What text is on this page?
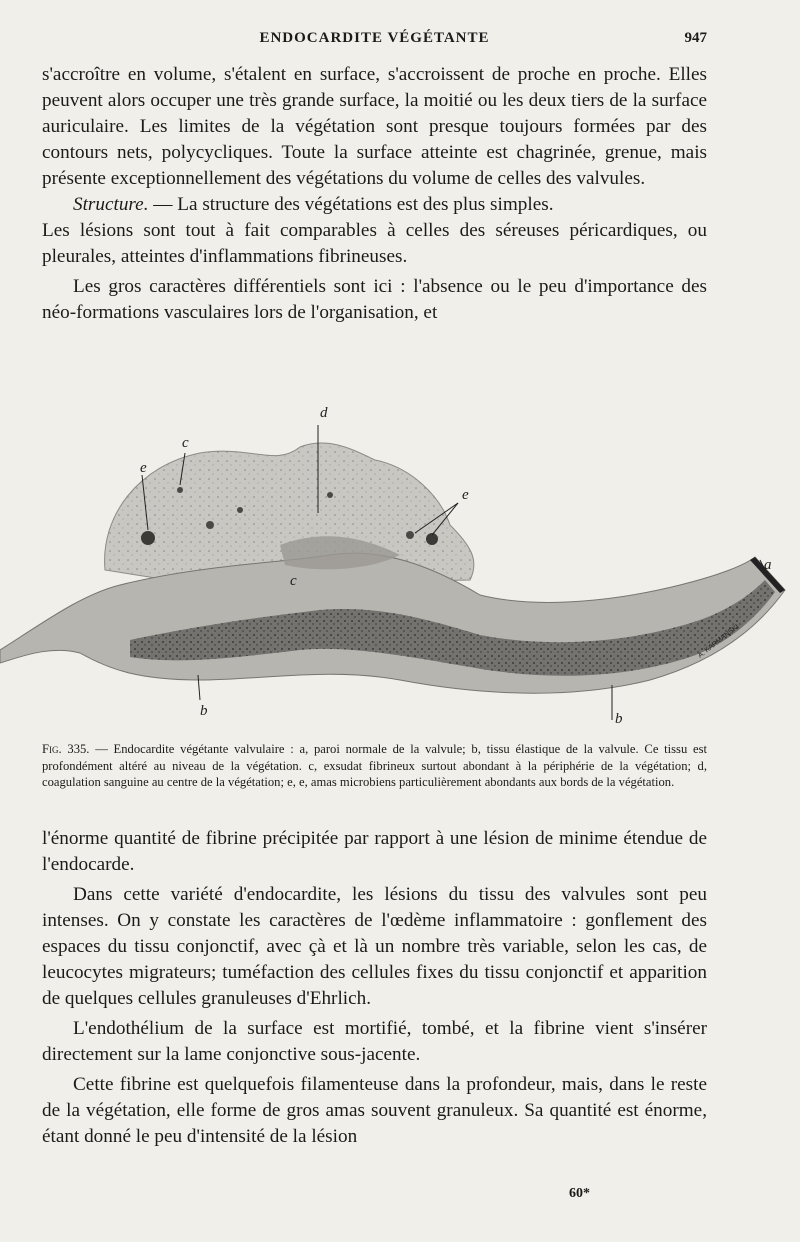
ENDOCARDITE VÉGÉTANTE	947

s'accroître en volume, s'étalent en surface, s'accroissent de proche en proche. Elles peuvent alors occuper une très grande surface, la moitié ou les deux tiers de la surface auriculaire. Les limites de la végétation sont presque toujours formées par des contours nets, polycycliques. Toute la surface atteinte est chagrinée, grenue, mais présente exceptionnellement des végétations du volume de celles des valvules.

Structure. — La structure des végétations est des plus simples.

Les lésions sont tout à fait comparables à celles des séreuses péricardiques, ou pleurales, atteintes d'inflammations fibrineuses.

Les gros caractères différentiels sont ici : l'absence ou le peu d'importance des néo-formations vasculaires lors de l'organisation, et

d
c
e
e
c
a
b	b
A. KARMANSKI
Fig. 335. — Endocardite végétante valvulaire : a, paroi normale de la valvule; b, tissu élastique de la valvule. Ce tissu est profondément altéré au niveau de la végétation. c, exsudat fibrineux surtout abondant à la périphérie de la végétation; d, coagulation sanguine au centre de la végétation; e, e, amas microbiens particulièrement abondants aux bords de la végétation.

l'énorme quantité de fibrine précipitée par rapport à une lésion de minime étendue de l'endocarde.

Dans cette variété d'endocardite, les lésions du tissu des valvules sont peu intenses. On y constate les caractères de l'œdème inflammatoire : gonflement des espaces du tissu conjonctif, avec çà et là un nombre très variable, selon les cas, de leucocytes migrateurs; tuméfaction des cellules fixes du tissu conjonctif et apparition de quelques cellules granuleuses d'Ehrlich.

L'endothélium de la surface est mortifié, tombé, et la fibrine vient s'insérer directement sur la lame conjonctive sous-jacente.

Cette fibrine est quelquefois filamenteuse dans la profondeur, mais, dans le reste de la végétation, elle forme de gros amas souvent granuleux. Sa quantité est énorme, étant donné le peu d'intensité de la lésion

60*
